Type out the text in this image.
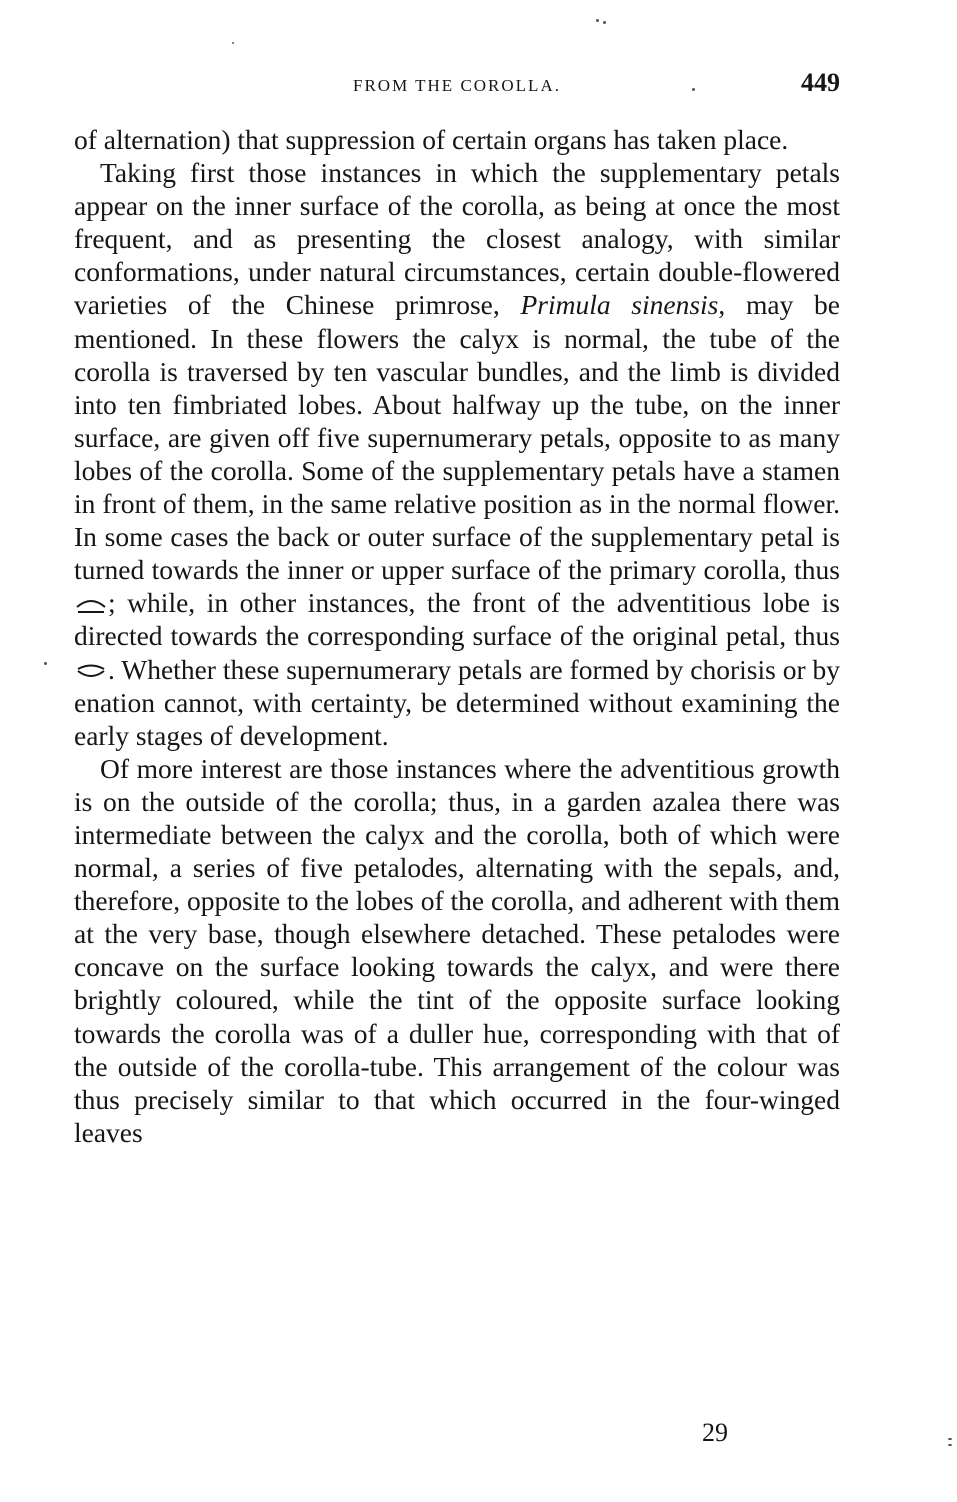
FROM THE COROLLA.	449

of alternation) that suppression of certain organs has taken place.

Taking first those instances in which the supplementary petals appear on the inner surface of the corolla, as being at once the most frequent, and as presenting the closest analogy, with similar conformations, under natural circumstances, certain double-flowered varieties of the Chinese primrose, Primula sinensis, may be mentioned. In these flowers the calyx is normal, the tube of the corolla is traversed by ten vascular bundles, and the limb is divided into ten fimbriated lobes. About halfway up the tube, on the inner surface, are given off five supernumerary petals, opposite to as many lobes of the corolla. Some of the supplementary petals have a stamen in front of them, in the same relative position as in the normal flower. In some cases the back or outer surface of the supplementary petal is turned towards the inner or upper surface of the primary corolla, thus
; while, in other instances, the front of the adventitious lobe is directed towards the corresponding surface of the original petal, thus
. Whether these supernumerary petals are formed by chorisis or by enation cannot, with certainty, be determined without examining the early stages of development.

Of more interest are those instances where the adventitious growth is on the outside of the corolla; thus, in a garden azalea there was intermediate between the calyx and the corolla, both of which were normal, a series of five petalodes, alternating with the sepals, and, therefore, opposite to the lobes of the corolla, and adherent with them at the very base, though elsewhere detached. These petalodes were concave on the surface looking towards the calyx, and were there brightly coloured, while the tint of the opposite surface looking towards the corolla was of a duller hue, corresponding with that of the outside of the corolla-tube. This arrangement of the colour was thus precisely similar to that which occurred in the four-winged leaves

29
